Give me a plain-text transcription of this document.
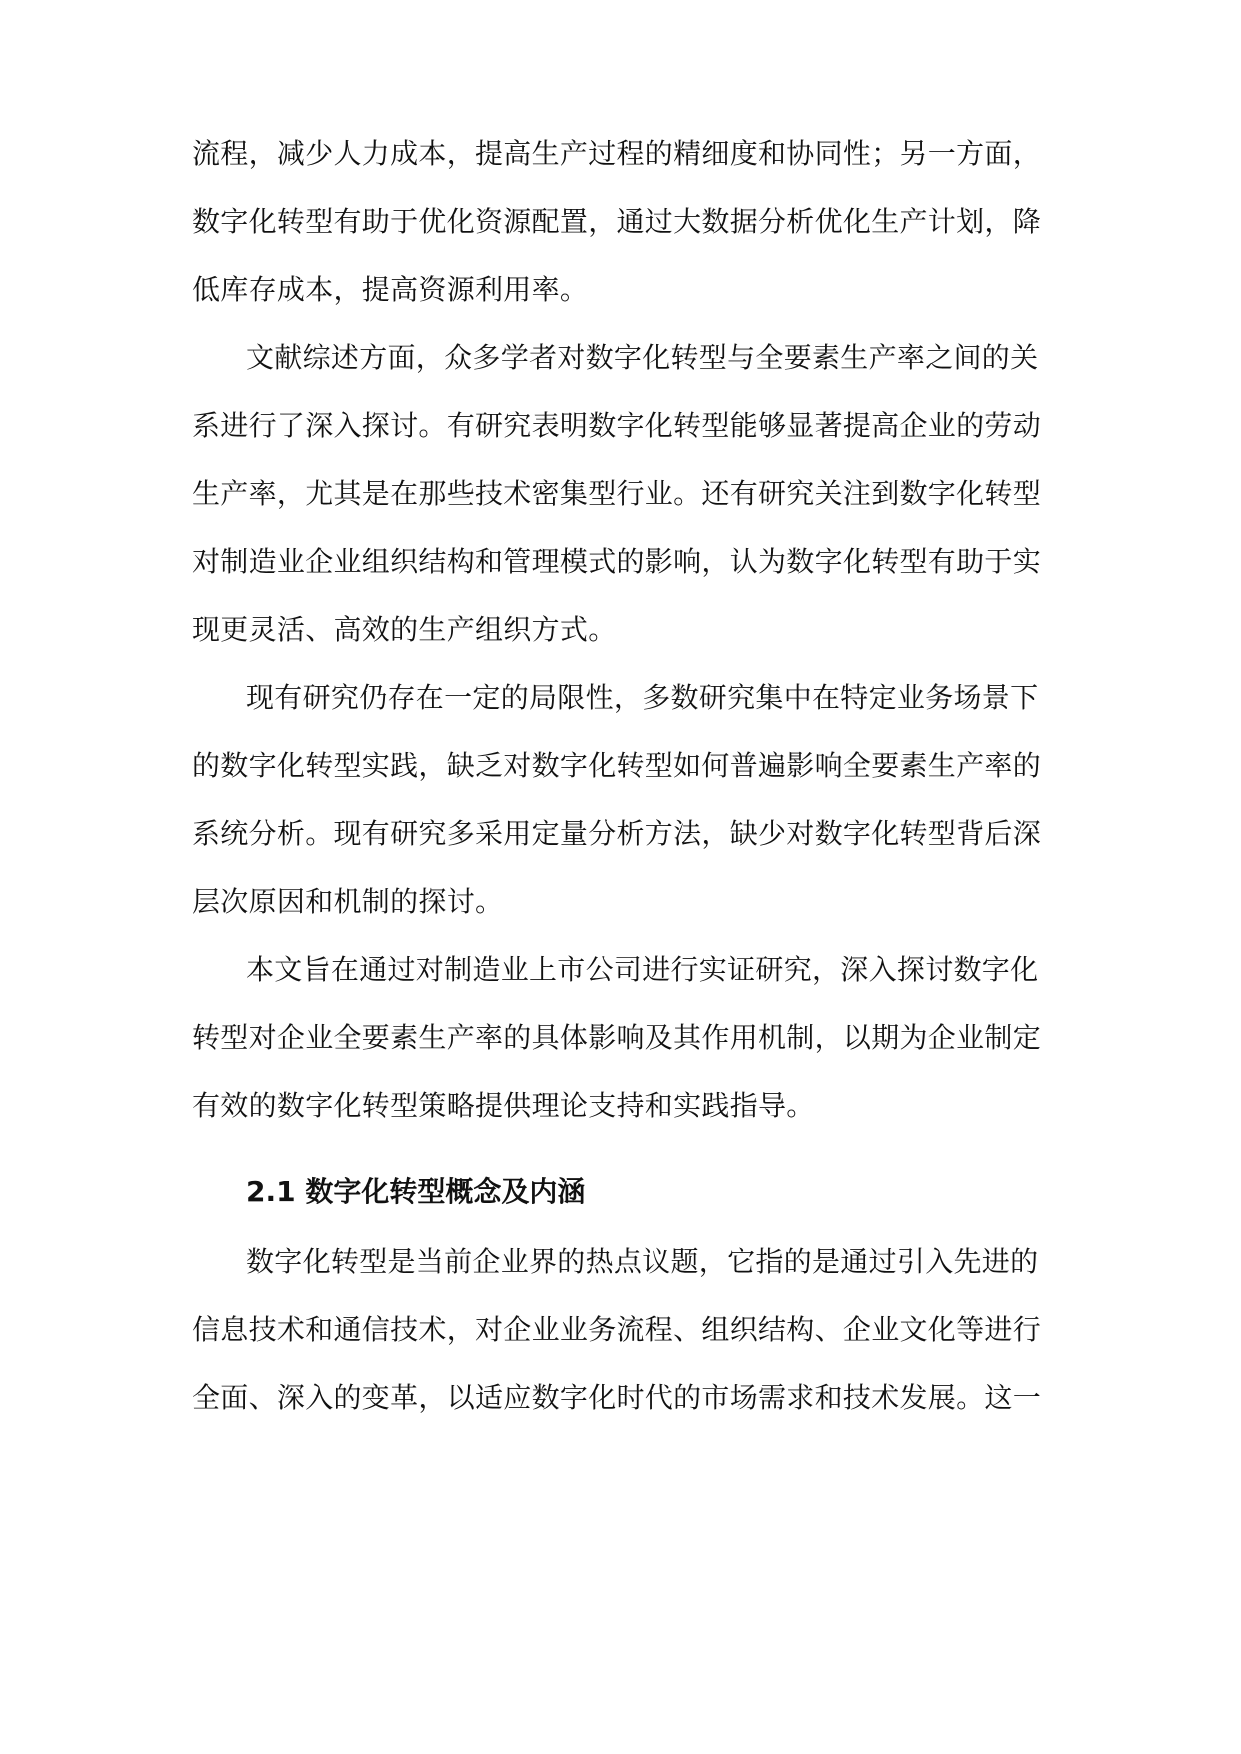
流程，减少人力成本，提高生产过程的精细度和协同性；另一方面，
数字化转型有助于优化资源配置，通过大数据分析优化生产计划，降
低库存成本，提高资源利用率。
文献综述方面，众多学者对数字化转型与全要素生产率之间的关
系进行了深入探讨。有研究表明数字化转型能够显著提高企业的劳动
生产率，尤其是在那些技术密集型行业。还有研究关注到数字化转型
对制造业企业组织结构和管理模式的影响，认为数字化转型有助于实
现更灵活、高效的生产组织方式。
现有研究仍存在一定的局限性，多数研究集中在特定业务场景下
的数字化转型实践，缺乏对数字化转型如何普遍影响全要素生产率的
系统分析。现有研究多采用定量分析方法，缺少对数字化转型背后深
层次原因和机制的探讨。
本文旨在通过对制造业上市公司进行实证研究，深入探讨数字化
转型对企业全要素生产率的具体影响及其作用机制，以期为企业制定
有效的数字化转型策略提供理论支持和实践指导。
2.1 数字化转型概念及内涵
数字化转型是当前企业界的热点议题，它指的是通过引入先进的
信息技术和通信技术，对企业业务流程、组织结构、企业文化等进行
全面、深入的变革，以适应数字化时代的市场需求和技术发展。这一
